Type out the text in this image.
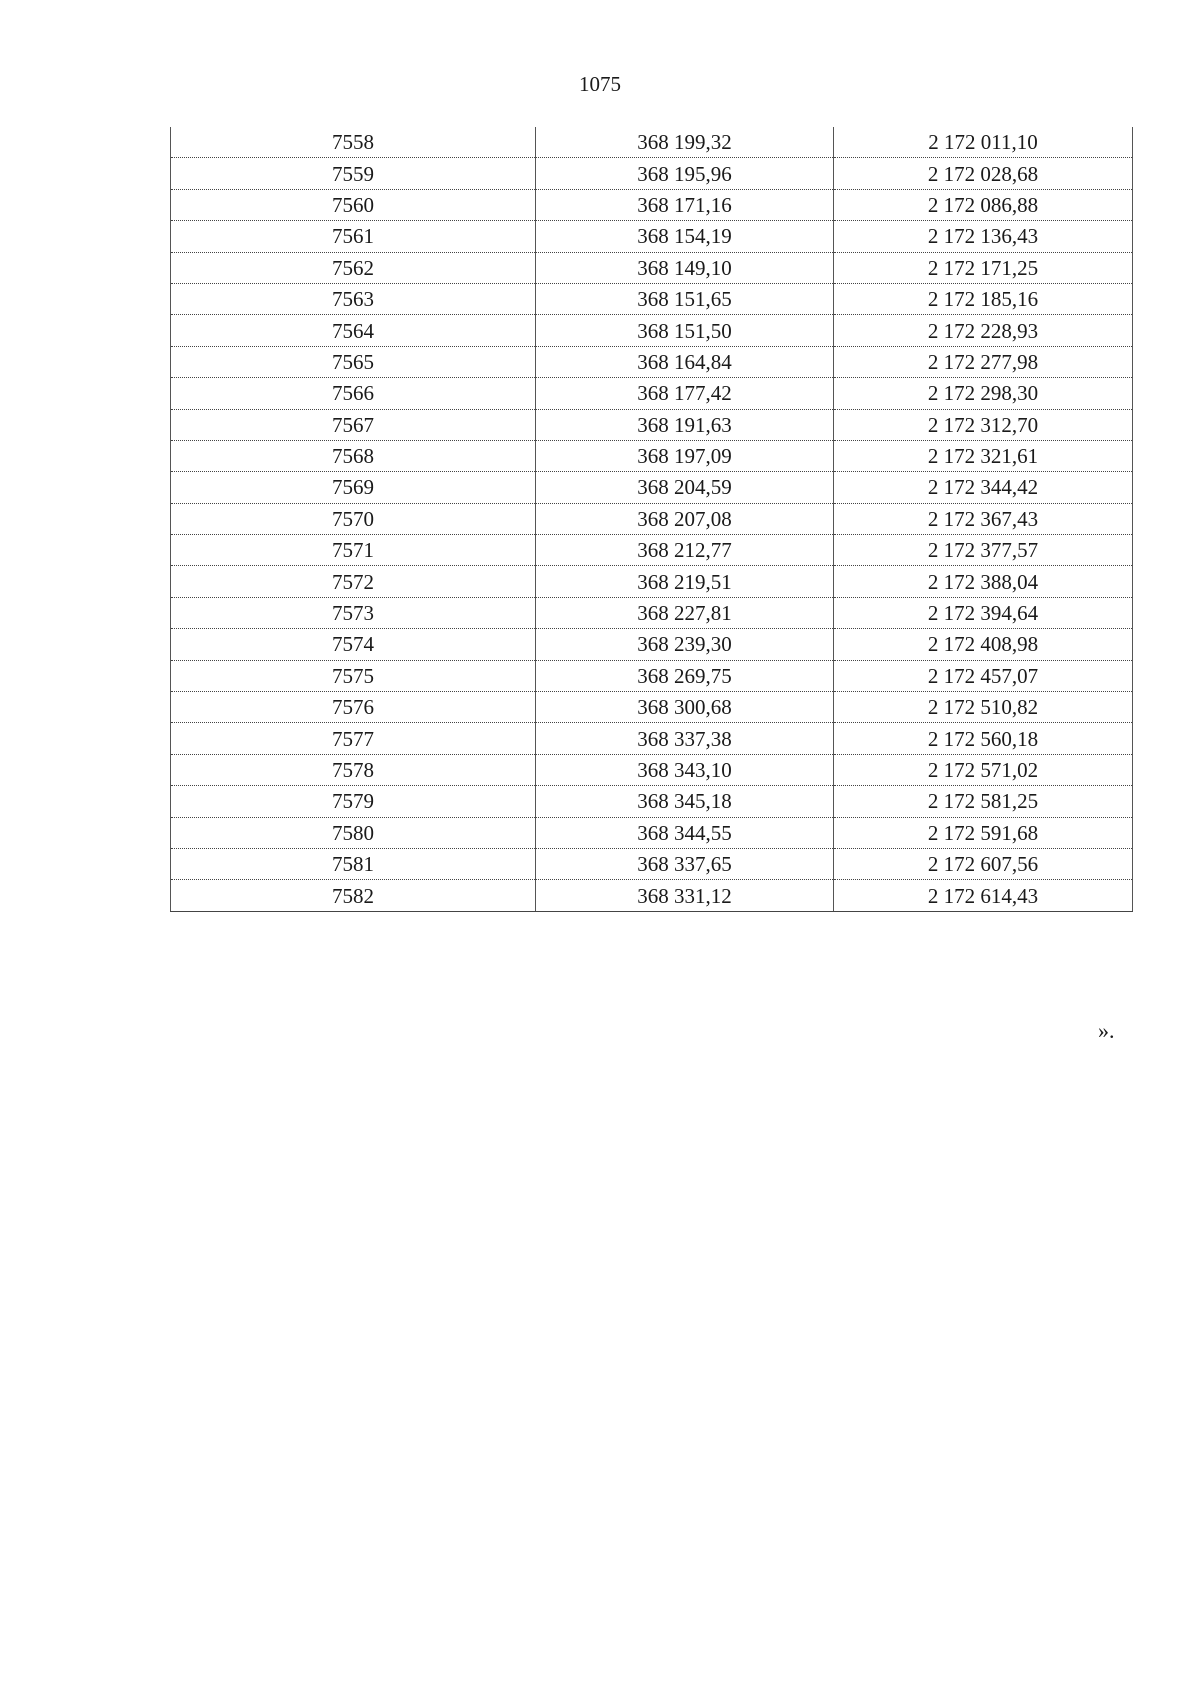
1075
7558	368 199,32	2 172 011,10
7559	368 195,96	2 172 028,68
7560	368 171,16	2 172 086,88
7561	368 154,19	2 172 136,43
7562	368 149,10	2 172 171,25
7563	368 151,65	2 172 185,16
7564	368 151,50	2 172 228,93
7565	368 164,84	2 172 277,98
7566	368 177,42	2 172 298,30
7567	368 191,63	2 172 312,70
7568	368 197,09	2 172 321,61
7569	368 204,59	2 172 344,42
7570	368 207,08	2 172 367,43
7571	368 212,77	2 172 377,57
7572	368 219,51	2 172 388,04
7573	368 227,81	2 172 394,64
7574	368 239,30	2 172 408,98
7575	368 269,75	2 172 457,07
7576	368 300,68	2 172 510,82
7577	368 337,38	2 172 560,18
7578	368 343,10	2 172 571,02
7579	368 345,18	2 172 581,25
7580	368 344,55	2 172 591,68
7581	368 337,65	2 172 607,56
7582	368 331,12	2 172 614,43
».
